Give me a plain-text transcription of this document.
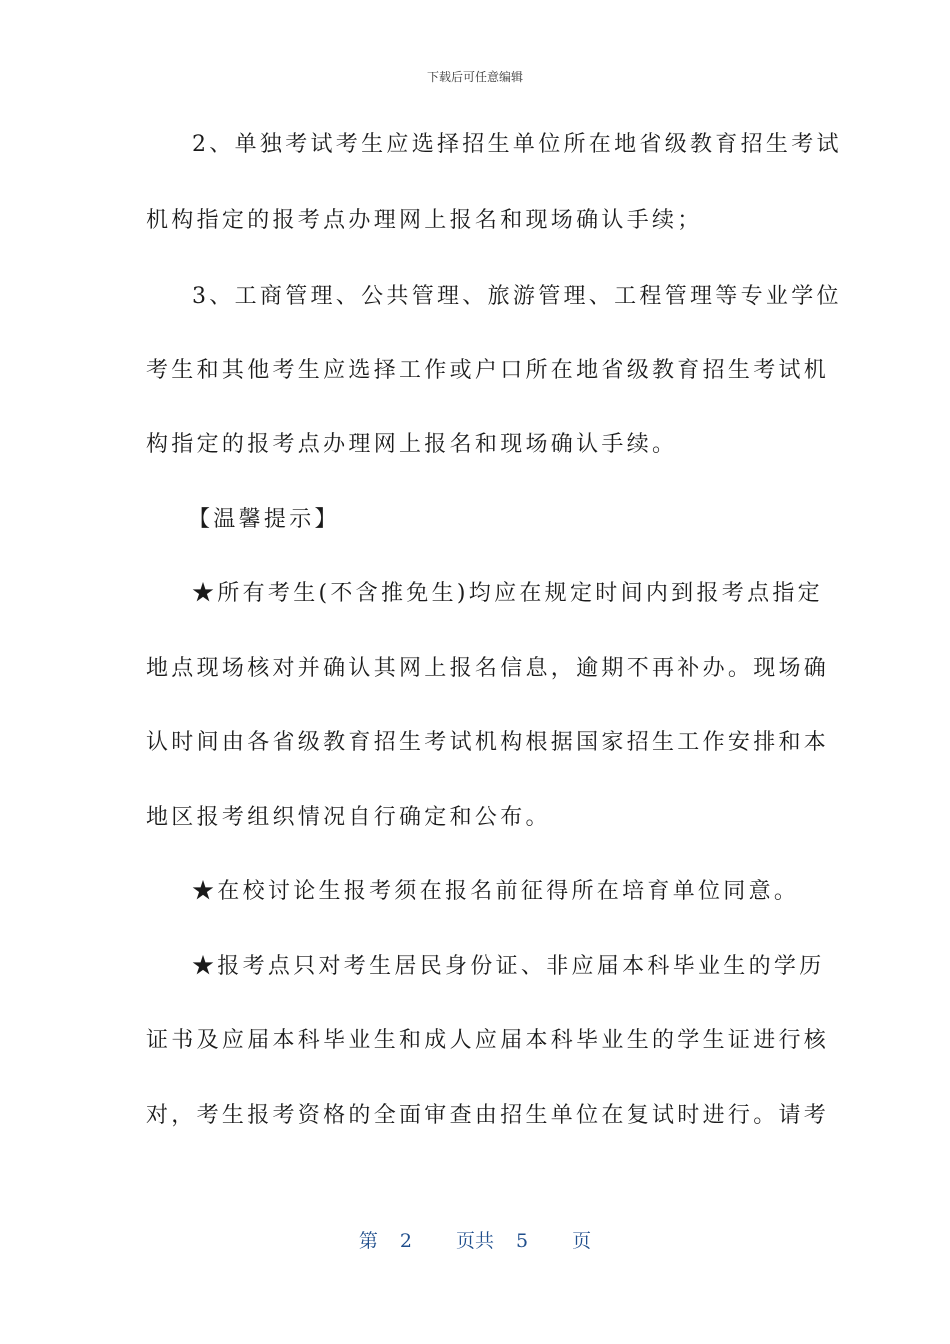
下载后可任意编辑
2、单独考试考生应选择招生单位所在地省级教育招生考试
机构指定的报考点办理网上报名和现场确认手续；
3、工商管理、公共管理、旅游管理、工程管理等专业学位
考生和其他考生应选择工作或户口所在地省级教育招生考试机
构指定的报考点办理网上报名和现场确认手续。
【温馨提示】
★所有考生(不含推免生)均应在规定时间内到报考点指定
地点现场核对并确认其网上报名信息，逾期不再补办。现场确
认时间由各省级教育招生考试机构根据国家招生工作安排和本
地区报考组织情况自行确定和公布。
★在校讨论生报考须在报名前征得所在培育单位同意。
★报考点只对考生居民身份证、非应届本科毕业生的学历
证书及应届本科毕业生和成人应届本科毕业生的学生证进行核
对，考生报考资格的全面审查由招生单位在复试时进行。请考
第 2 页共 5 页
